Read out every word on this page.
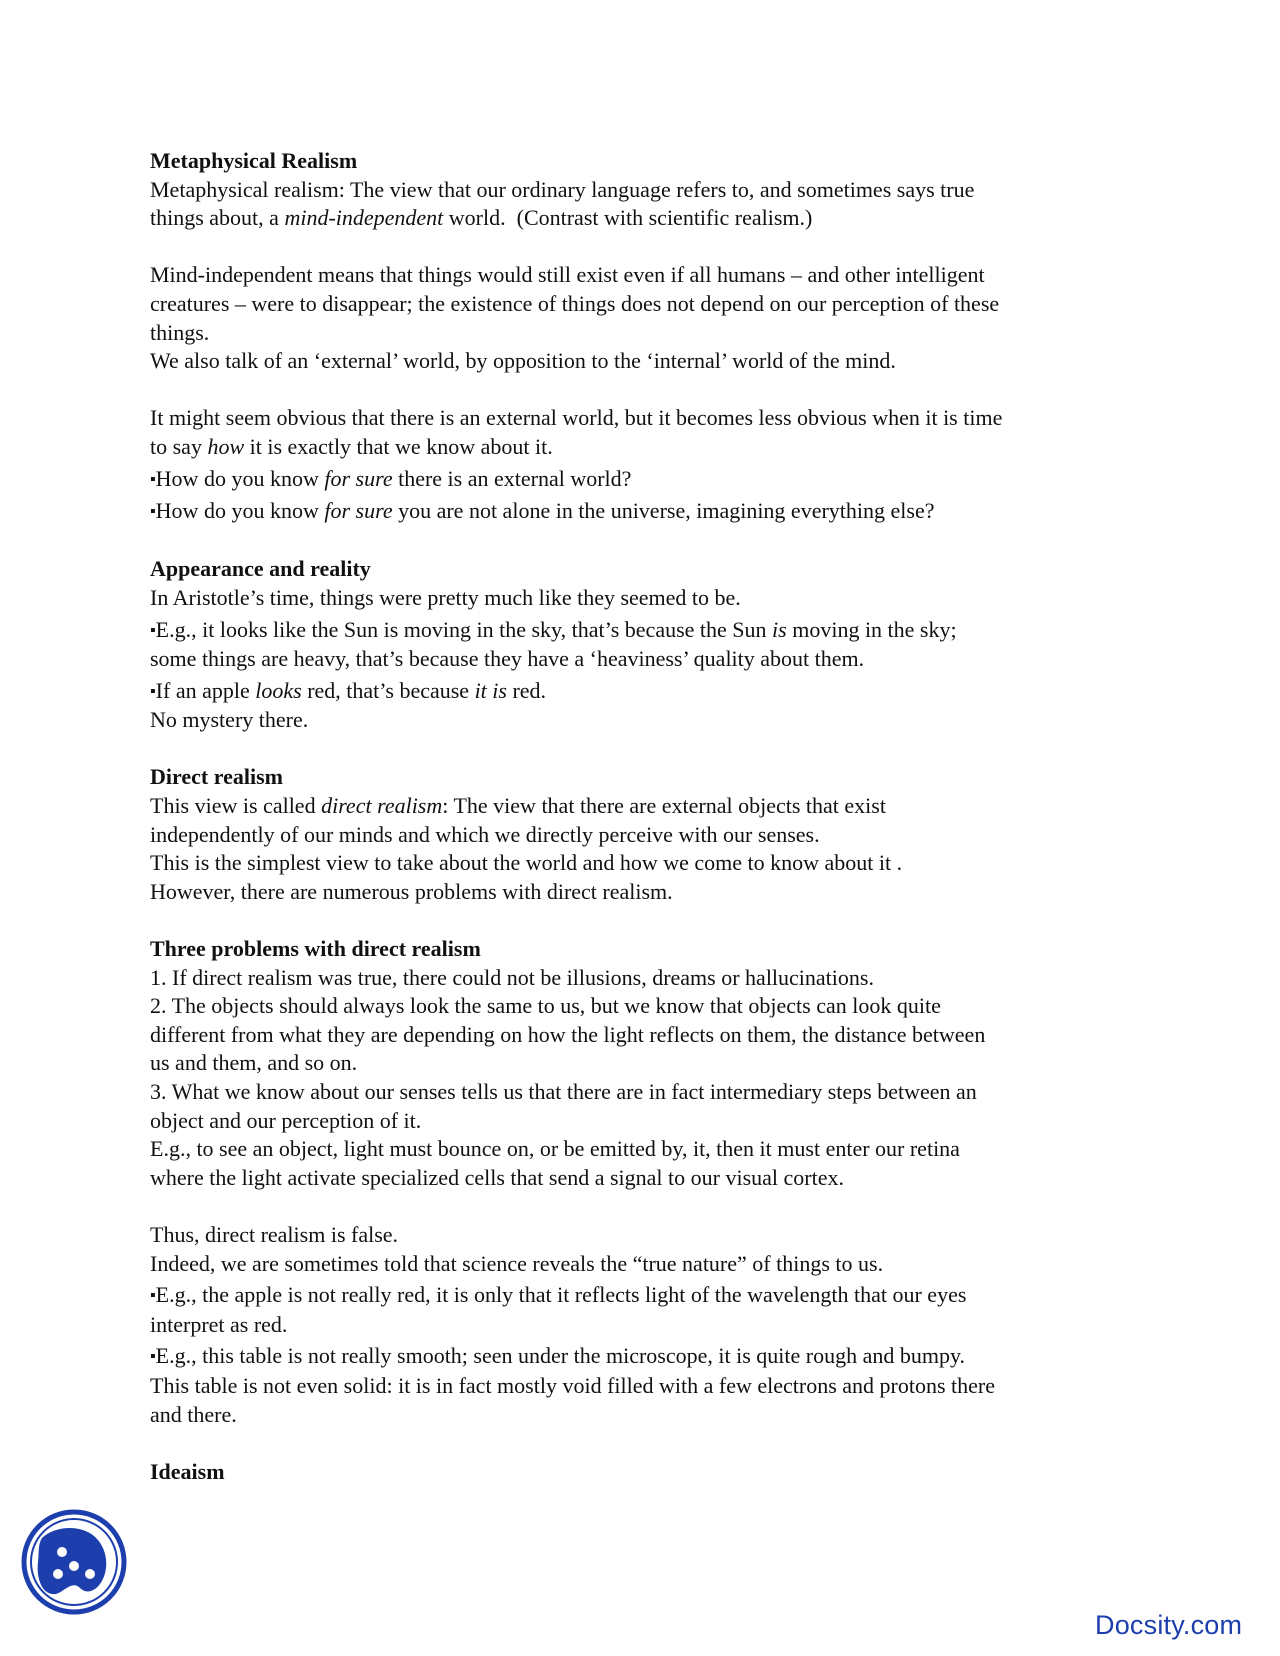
Metaphysical Realism

Metaphysical realism: The view that our ordinary language refers to, and sometimes says true

things about, a mind-independent world.  (Contrast with scientific realism.)

Mind-independent means that things would still exist even if all humans – and other intelligent

creatures – were to disappear; the existence of things does not depend on our perception of these

things.

We also talk of an ‘external’ world, by opposition to the ‘internal’ world of the mind.

It might seem obvious that there is an external world, but it becomes less obvious when it is time

to say how it is exactly that we know about it.

▪How do you know for sure there is an external world?

▪How do you know for sure you are not alone in the universe, imagining everything else?

Appearance and reality

In Aristotle’s time, things were pretty much like they seemed to be.

▪E.g., it looks like the Sun is moving in the sky, that’s because the Sun is moving in the sky;

some things are heavy, that’s because they have a ‘heaviness’ quality about them.

▪If an apple looks red, that’s because it is red.

No mystery there.

Direct realism

This view is called direct realism: The view that there are external objects that exist

independently of our minds and which we directly perceive with our senses.

This is the simplest view to take about the world and how we come to know about it .

However, there are numerous problems with direct realism.

Three problems with direct realism

1. If direct realism was true, there could not be illusions, dreams or hallucinations.

2. The objects should always look the same to us, but we know that objects can look quite

different from what they are depending on how the light reflects on them, the distance between

us and them, and so on.

3. What we know about our senses tells us that there are in fact intermediary steps between an

object and our perception of it.

E.g., to see an object, light must bounce on, or be emitted by, it, then it must enter our retina

where the light activate specialized cells that send a signal to our visual cortex.

Thus, direct realism is false.

Indeed, we are sometimes told that science reveals the “true nature” of things to us.

▪E.g., the apple is not really red, it is only that it reflects light of the wavelength that our eyes

interpret as red.

▪E.g., this table is not really smooth; seen under the microscope, it is quite rough and bumpy.

This table is not even solid: it is in fact mostly void filled with a few electrons and protons there

and there.

Ideaism

Docsity.com
